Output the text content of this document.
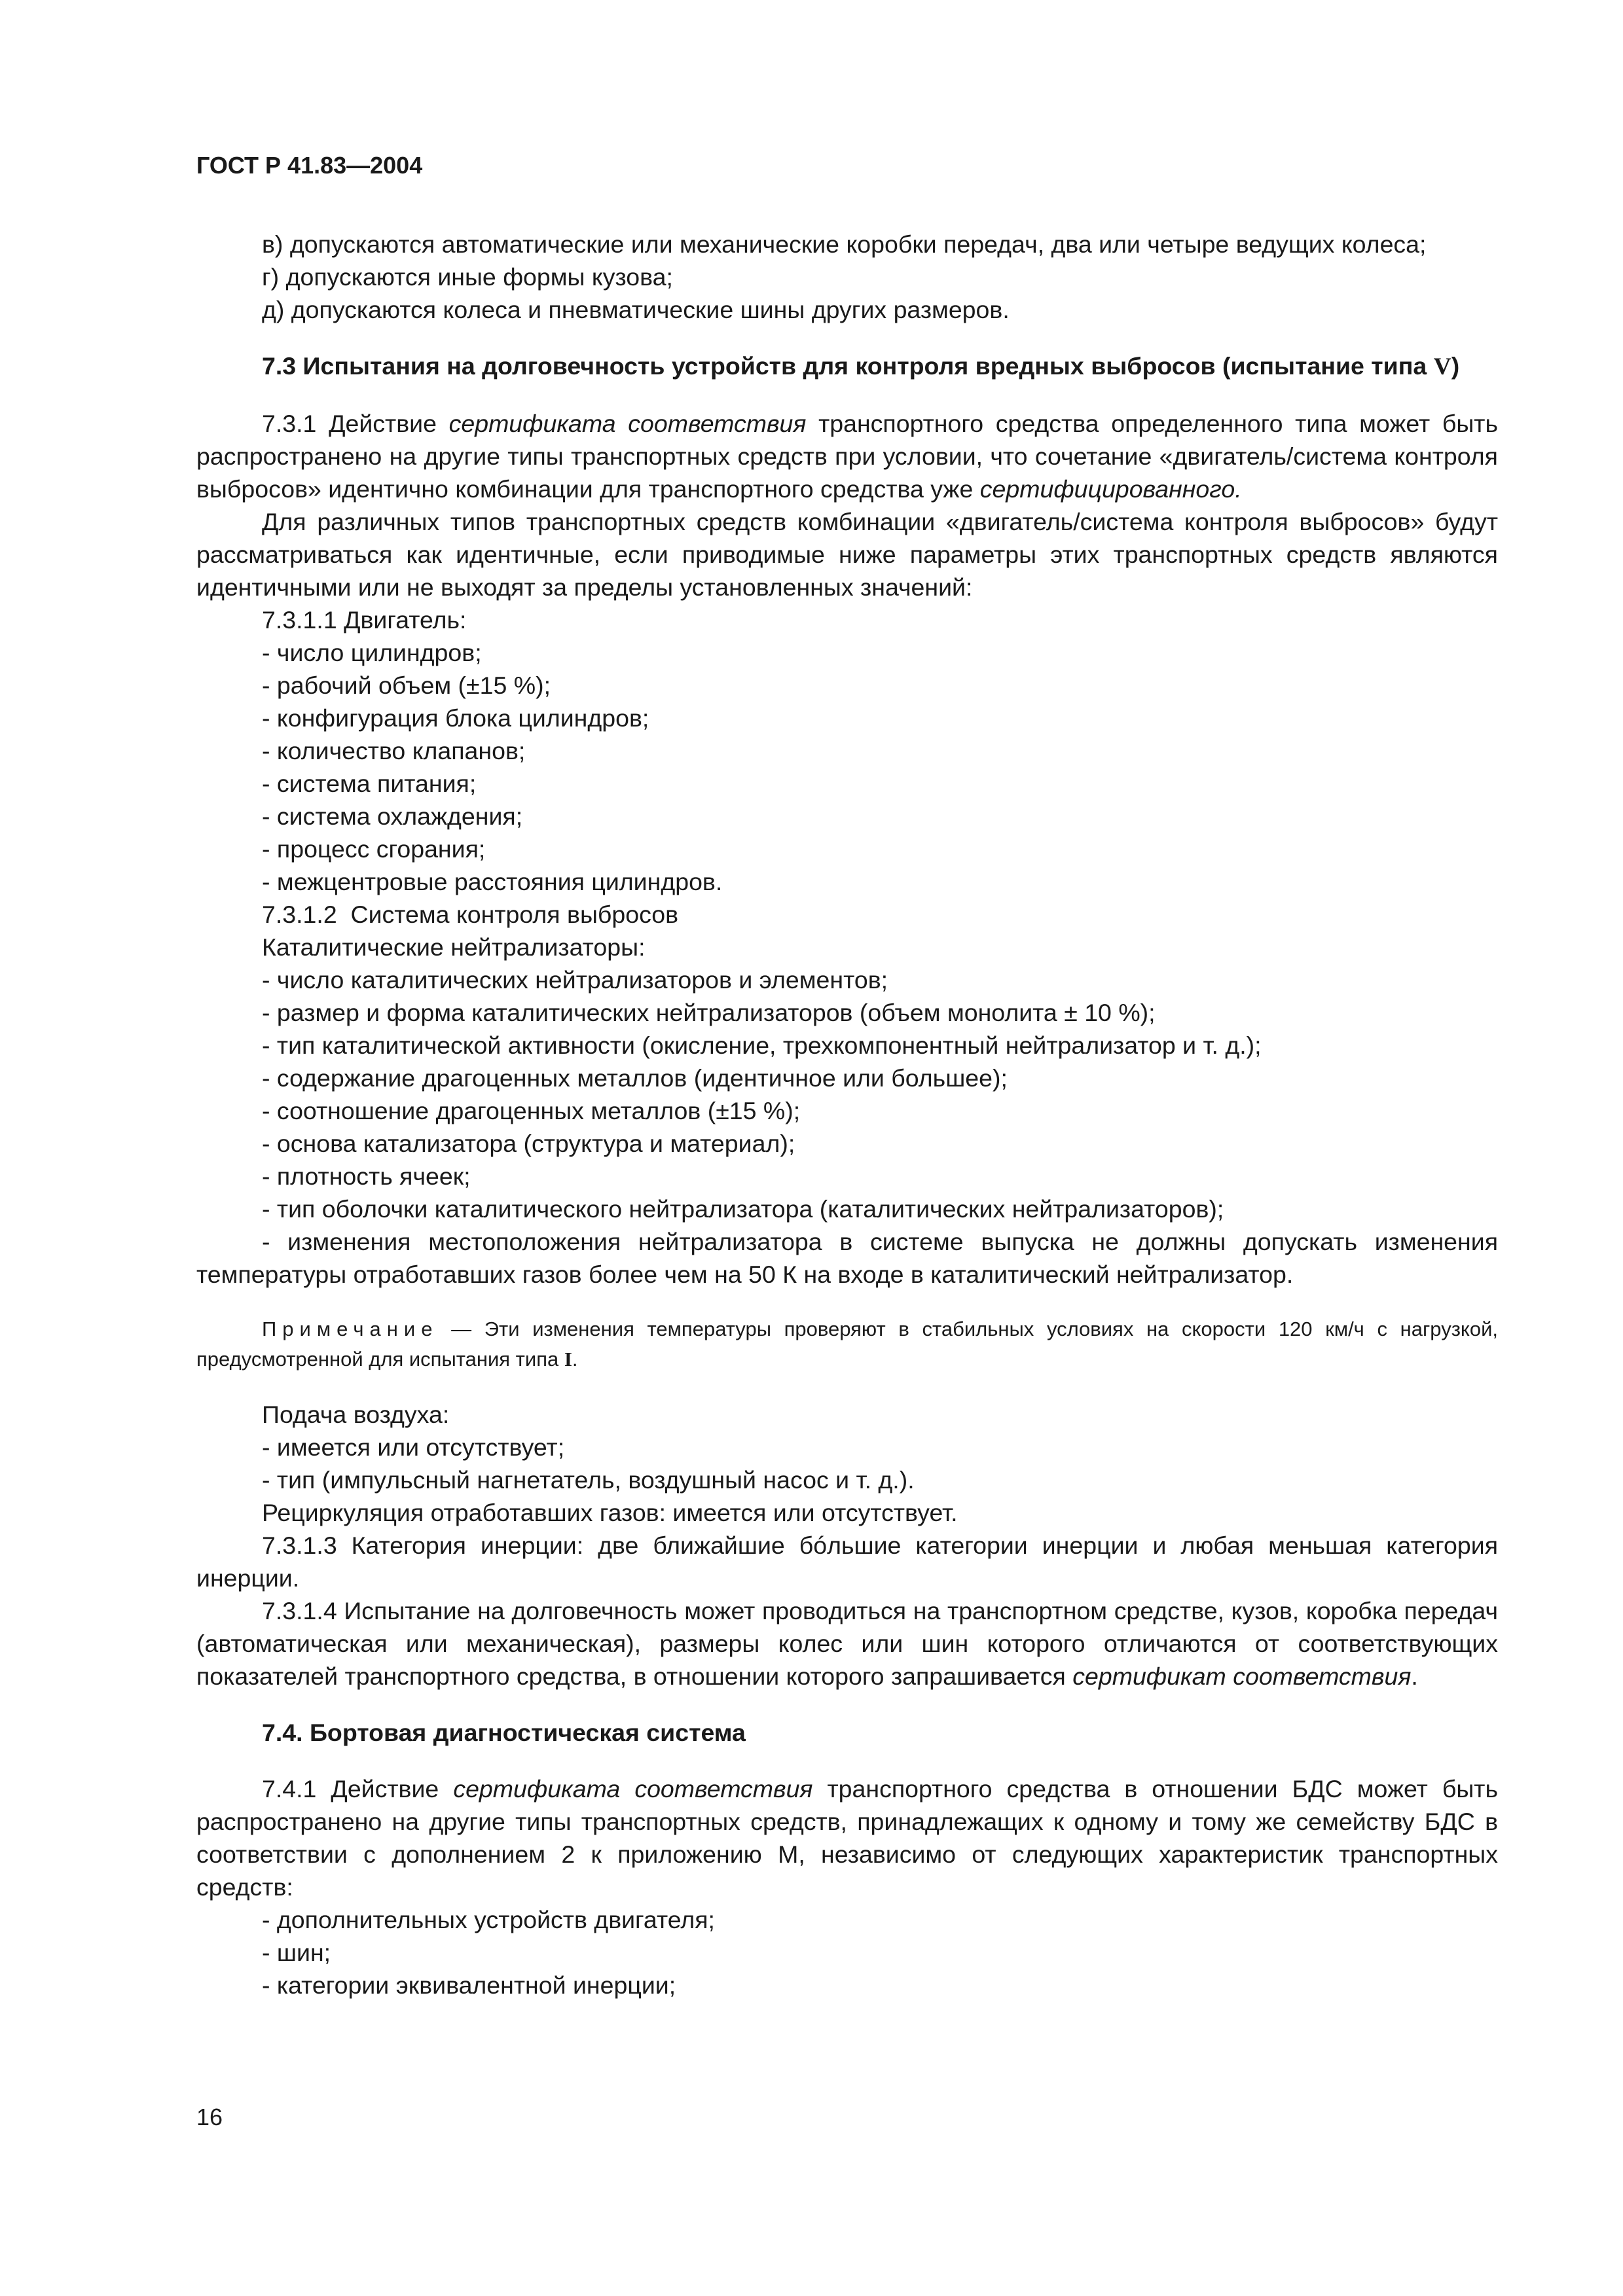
ГОСТ Р 41.83—2004

в) допускаются автоматические или механические коробки передач, два или четыре ведущих колеса;

г) допускаются иные формы кузова;

д) допускаются колеса и пневматические шины других размеров.

7.3 Испытания на долговечность устройств для контроля вредных выбросов (испытание типа V)

7.3.1 Действие сертификата соответствия транспортного средства определенного типа может быть распространено на другие типы транспортных средств при условии, что сочетание «двигатель/система контроля выбросов» идентично комбинации для транспортного средства уже сертифицированного.

Для различных типов транспортных средств комбинации «двигатель/система контроля выбросов» будут рассматриваться как идентичные, если приводимые ниже параметры этих транспортных средств являются идентичными или не выходят за пределы установленных значений:

7.3.1.1 Двигатель:

- число цилиндров;

- рабочий объем (±15 %);

- конфигурация блока цилиндров;

- количество клапанов;

- система питания;

- система охлаждения;

- процесс сгорания;

- межцентровые расстояния цилиндров.

7.3.1.2  Система контроля выбросов

Каталитические нейтрализаторы:

- число каталитических нейтрализаторов и элементов;

- размер и форма каталитических нейтрализаторов (объем монолита ± 10 %);

- тип каталитической активности (окисление, трехкомпонентный нейтрализатор и т. д.);

- содержание драгоценных металлов (идентичное или большее);

- соотношение драгоценных металлов (±15 %);

- основа катализатора (структура и материал);

- плотность ячеек;

- тип оболочки каталитического нейтрализатора (каталитических нейтрализаторов);

- изменения местоположения нейтрализатора в системе выпуска не должны допускать изменения температуры отработавших газов более чем на 50 К на входе в каталитический нейтрализатор.

Примечание — Эти изменения температуры проверяют в стабильных условиях на скорости 120 км/ч с нагрузкой, предусмотренной для испытания типа I.

Подача воздуха:

- имеется или отсутствует;

- тип (импульсный нагнетатель, воздушный насос и т. д.).

Рециркуляция отработавших газов: имеется или отсутствует.

7.3.1.3 Категория инерции: две ближайшие бóльшие категории инерции и любая меньшая категория инерции.

7.3.1.4 Испытание на долговечность может проводиться на транспортном средстве, кузов, коробка передач (автоматическая или механическая), размеры колес или шин которого отличаются от соответствующих показателей транспортного средства, в отношении которого запрашивается сертификат соответствия.

7.4. Бортовая диагностическая система

7.4.1 Действие сертификата соответствия транспортного средства в отношении БДС может быть распространено на другие типы транспортных средств, принадлежащих к одному и тому же семейству БДС в соответствии с дополнением 2 к приложению М, независимо от следующих характеристик транспортных средств:

- дополнительных устройств двигателя;

- шин;

- категории эквивалентной инерции;

16
